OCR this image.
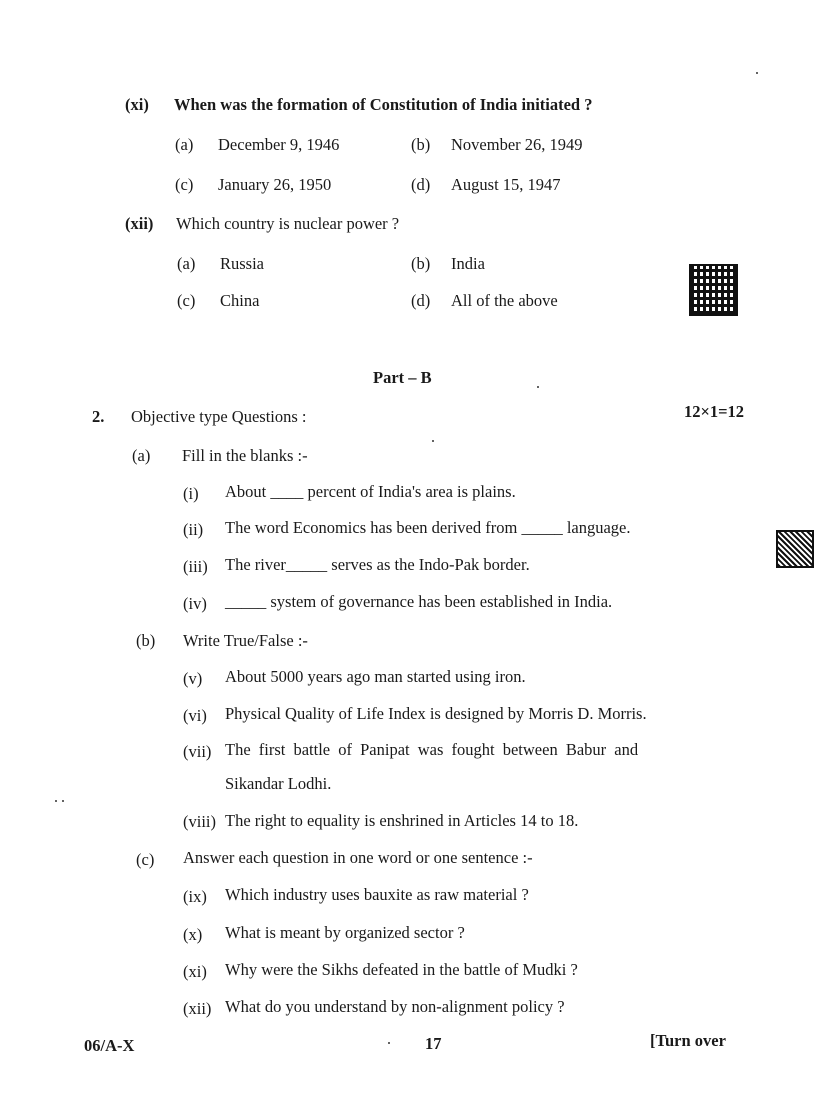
(xi) When was the formation of Constitution of India initiated ?
(a) December 9, 1946	(b) November 26, 1949
(c) January 26, 1950	(d) August 15, 1947
(xii) Which country is nuclear power ?
(a) Russia	(b) India
(c) China	(d) All of the above
Part – B
2. Objective type Questions :	12×1=12
(a) Fill in the blanks :-
(i) About ____ percent of India's area is plains.
(ii) The word Economics has been derived from _____ language.
(iii) The river_____ serves as the Indo-Pak border.
(iv) _____ system of governance has been established in India.
(b) Write True/False :-
(v) About 5000 years ago man started using iron.
(vi) Physical Quality of Life Index is designed by Morris D. Morris.
(vii) The first battle of Panipat was fought between Babur and
Sikandar Lodhi.
(viii) The right to equality is enshrined in Articles 14 to 18.
(c) Answer each question in one word or one sentence :-
(ix) Which industry uses bauxite as raw material ?
(x) What is meant by organized sector ?
(xi) Why were the Sikhs defeated in the battle of Mudki ?
(xii) What do you understand by non-alignment policy ?
06/A-X	17	[Turn over
